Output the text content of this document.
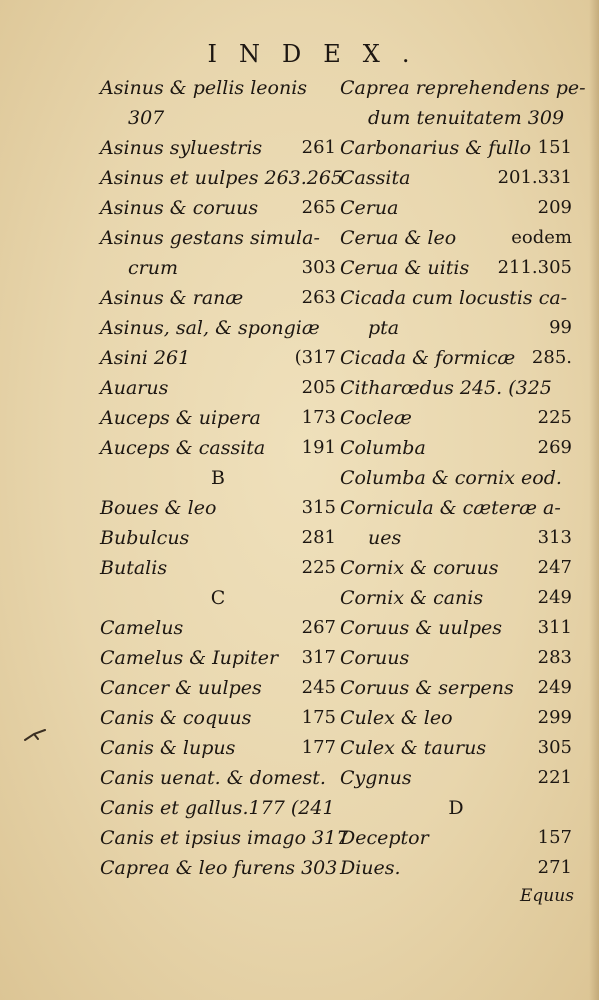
INDEX.
Asinus & pellis leonis
307
Asinus syluestris 261
Asinus et uulpes 263.265
Asinus & coruus 265
Asinus gestans simula-
crum	303
Asinus & ranæ	263
Asinus, sal, & spongiæ
Asini 261	(317
Auarus	205
Auceps & uipera 173
Auceps & cassita 191
B
Boues & leo	315
Bubulcus	281
Butalis	225
C
Camelus	267
Camelus & Iupiter 317
Cancer & uulpes 245
Canis & coquus	175
Canis & lupus	177
Canis uenat. & domest.
Canis et gallus.177 (241
Canis et ipsius imago 317
Caprea & leo furens 303
Caprea reprehendens pe-
dum tenuitatem 309
Carbonarius & fullo 151
Cassita	201.331
Cerua	209
Cerua & leo	eodem
Cerua & uitis 211.305
Cicada cum locustis ca-
pta	99
Cicada & formicæ 285.
Citharœdus 245. (325
Cocleæ	225
Columba	269
Columba & cornix eod.
Cornicula & cæteræ a-
ues	313
Cornix & coruus 247
Cornix & canis	249
Coruus & uulpes 311
Coruus	283
Coruus & serpens 249
Culex & leo	299
Culex & taurus	305
Cygnus	221
D
Deceptor	157
Diues.	271
Equus
